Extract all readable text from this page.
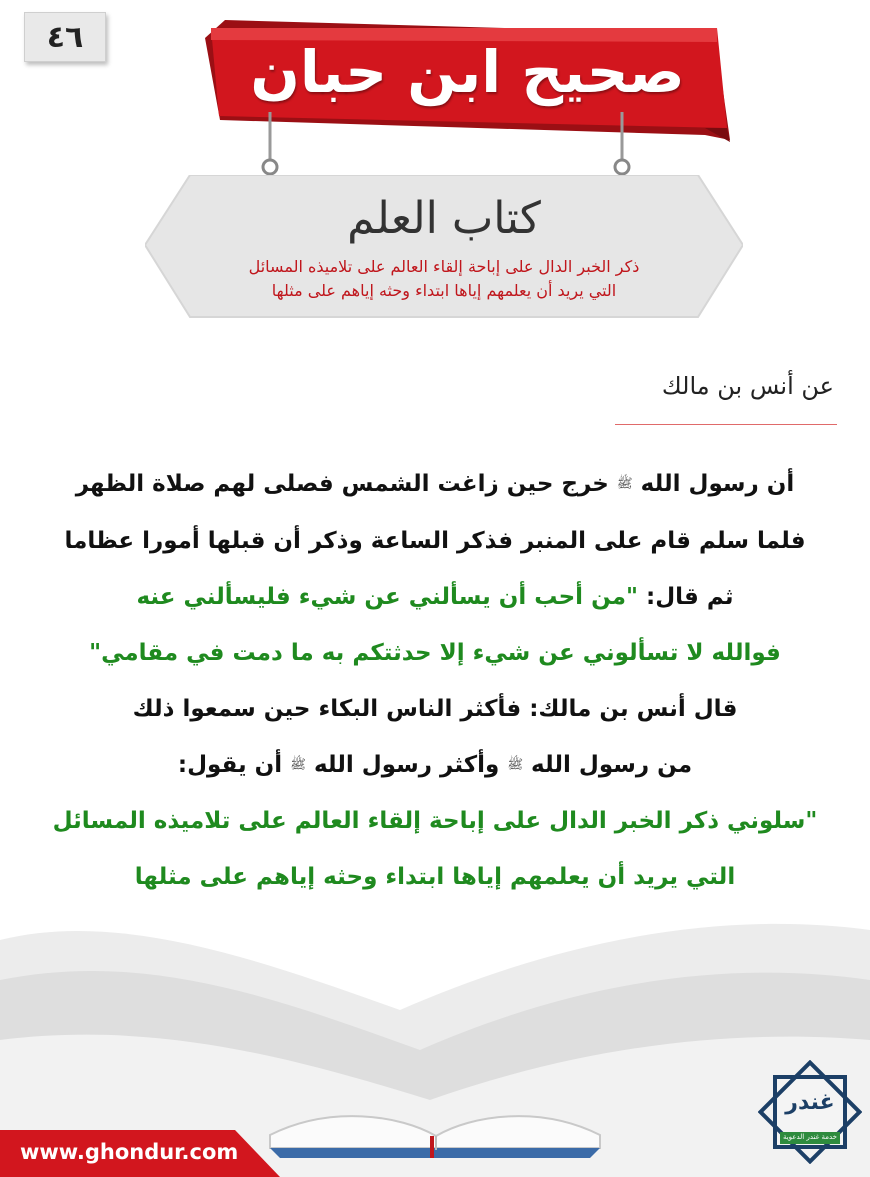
٤٦
صحيح ابن حبان
كتاب العلم
ذكر الخبر الدال على إباحة إلقاء العالم على تلاميذه المسائل
التي يريد أن يعلمهم إياها ابتداء وحثه إياهم على مثلها
عن أنس بن مالك
أن رسول الله ﷺ خرج حين زاغت الشمس فصلى لهم صلاة الظهر
فلما سلم قام على المنبر فذكر الساعة وذكر أن قبلها أمورا عظاما
ثم قال: "من أحب أن يسألني عن شيء فليسألني عنه
فوالله لا تسألوني عن شيء إلا حدثتكم به ما دمت في مقامي"
قال أنس بن مالك: فأكثر الناس البكاء حين سمعوا ذلك
من رسول الله ﷺ وأكثر رسول الله ﷺ أن يقول:
"سلوني ذكر الخبر الدال على إباحة إلقاء العالم على تلاميذه المسائل
التي يريد أن يعلمهم إياها ابتداء وحثه إياهم على مثلها
www.ghondur.com
غندر
خدمة غندر الدعوية
